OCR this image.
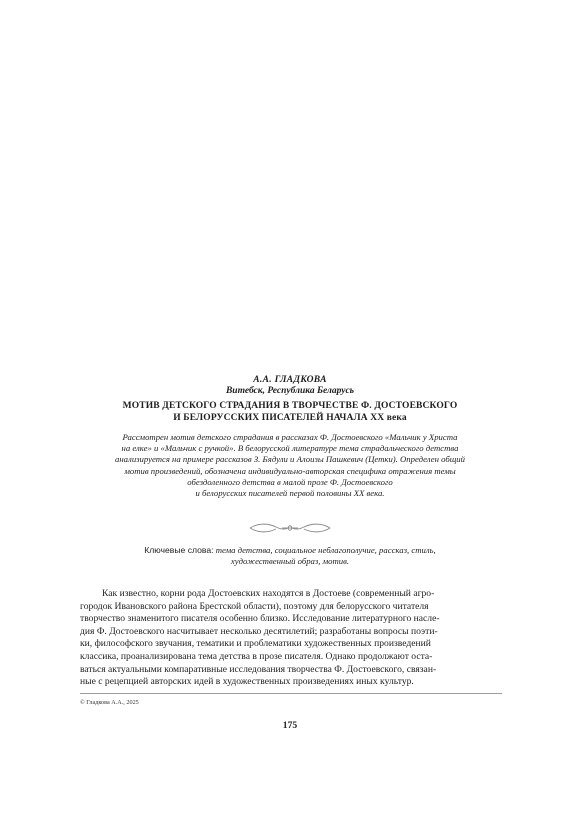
А.А. ГЛАДКОВА
Витебск, Республика Беларусь
МОТИВ ДЕТСКОГО СТРАДАНИЯ В ТВОРЧЕСТВЕ Ф. ДОСТОЕВСКОГО
И БЕЛОРУССКИХ ПИСАТЕЛЕЙ НАЧАЛА XX века
Рассмотрен мотив детского страдания в рассказах Ф. Достоевского «Мальчик у Христа
на елке» и «Мальчик с ручкой». В белорусской литературе тема страдальческого детства
анализируется на примере рассказов З. Бядули и Алоизы Пашкевич (Цетки). Определен общий
мотив произведений, обозначена индивидуально-авторская специфика отражения темы
обездоленного детства в малой прозе Ф. Достоевского
и белорусских писателей первой половины XX века.
Ключевые слова: тема детства, социальное неблагополучие, рассказ, стиль,
художественный образ, мотив.
Как известно, корни рода Достоевских находятся в Достоеве (современный агро-
городок Ивановского района Брестской области), поэтому для белорусского читателя
творчество знаменитого писателя особенно близко. Исследование литературного насле-
дия Ф. Достоевского насчитывает несколько десятилетий; разработаны вопросы поэти-
ки, философского звучания, тематики и проблематики художественных произведений
классика, проанализирована тема детства в прозе писателя. Однако продолжают оста-
ваться актуальными компаративные исследования творчества Ф. Достоевского, связан-
ные с рецепцией авторских идей в художественных произведениях иных культур.
© Гладкова А.А., 2025
175
